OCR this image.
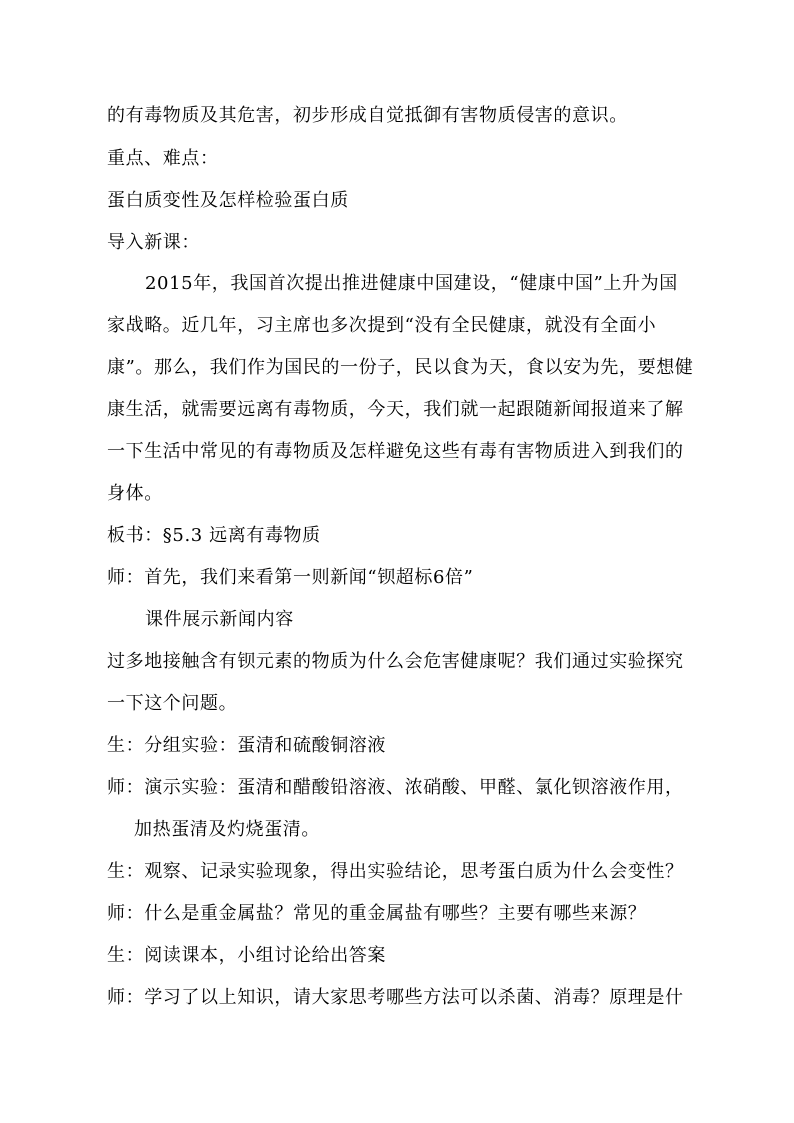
的有毒物质及其危害，初步形成自觉抵御有害物质侵害的意识。
重点、难点：
蛋白质变性及怎样检验蛋白质
导入新课：
2015年，我国首次提出推进健康中国建设，“健康中国”上升为国
家战略。近几年，习主席也多次提到“没有全民健康，就没有全面小
康”。那么，我们作为国民的一份子，民以食为天，食以安为先，要想健
康生活，就需要远离有毒物质，今天，我们就一起跟随新闻报道来了解
一下生活中常见的有毒物质及怎样避免这些有毒有害物质进入到我们的
身体。
板书：§5.3 远离有毒物质
师：首先，我们来看第一则新闻“钡超标6倍”
课件展示新闻内容
过多地接触含有钡元素的物质为什么会危害健康呢？我们通过实验探究
一下这个问题。
生：分组实验：蛋清和硫酸铜溶液
师：演示实验：蛋清和醋酸铅溶液、浓硝酸、甲醛、氯化钡溶液作用，
加热蛋清及灼烧蛋清。
生：观察、记录实验现象，得出实验结论，思考蛋白质为什么会变性？
师：什么是重金属盐？常见的重金属盐有哪些？主要有哪些来源？
生：阅读课本，小组讨论给出答案
师：学习了以上知识，请大家思考哪些方法可以杀菌、消毒？原理是什
